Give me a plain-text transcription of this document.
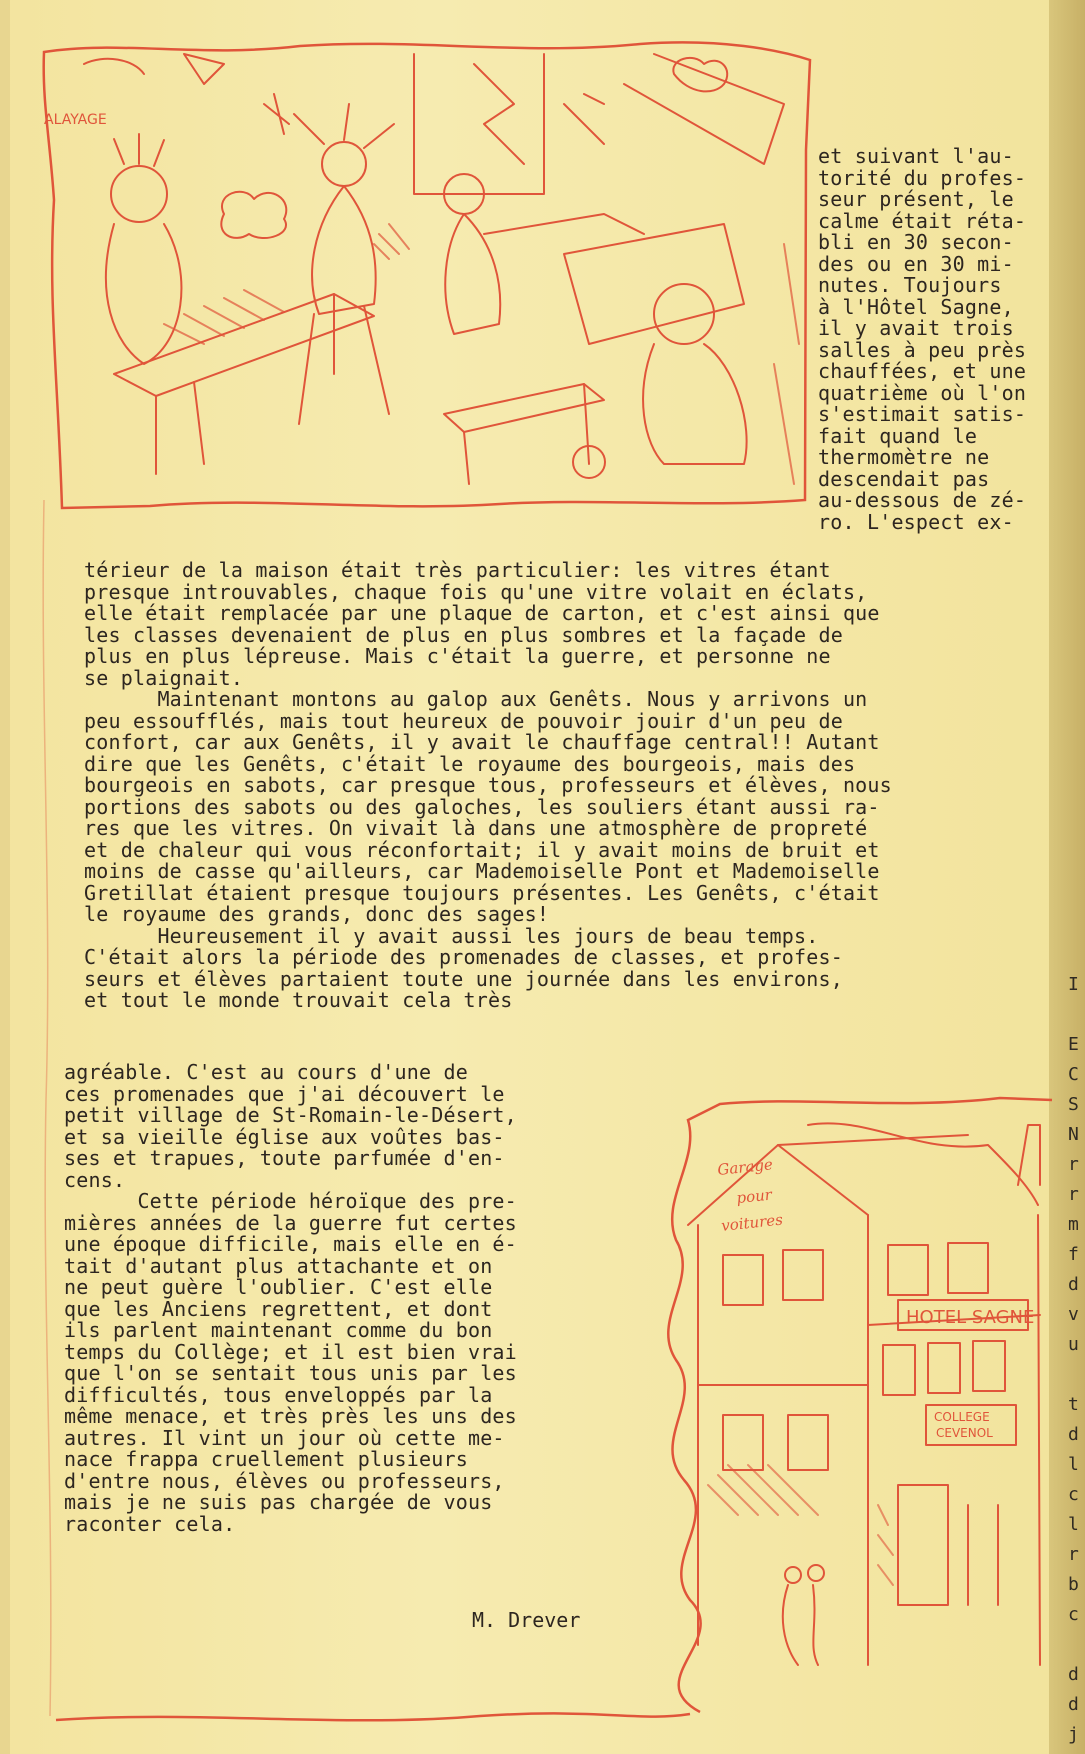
ALAYAGE
Garage pour voitures
HOTEL SAGNE
COLLEGE CEVENOL
et suivant l'au-
torité du profes-
seur présent, le
calme était réta-
bli en 30 secon-
des ou en 30 mi-
nutes. Toujours
à l'Hôtel Sagne,
il y avait trois
salles à peu près
chauffées, et une
quatrième où l'on
s'estimait satis-
fait quand le
thermomètre ne
descendait pas
au-dessous de zé-
ro. L'espect ex-
térieur de la maison était très particulier: les vitres étant
presque introuvables, chaque fois qu'une vitre volait en éclats,
elle était remplacée par une plaque de carton, et c'est ainsi que
les classes devenaient de plus en plus sombres et la façade de
plus en plus lépreuse. Mais c'était la guerre, et personne ne
se plaignait.
Maintenant montons au galop aux Genêts. Nous y arrivons un
peu essoufflés, mais tout heureux de pouvoir jouir d'un peu de
confort, car aux Genêts, il y avait le chauffage central!! Autant
dire que les Genêts, c'était le royaume des bourgeois, mais des
bourgeois en sabots, car presque tous, professeurs et élèves, nous
portions des sabots ou des galoches, les souliers étant aussi ra-
res que les vitres. On vivait là dans une atmosphère de propreté
et de chaleur qui vous réconfortait; il y avait moins de bruit et
moins de casse qu'ailleurs, car Mademoiselle Pont et Mademoiselle
Gretillat étaient presque toujours présentes. Les Genêts, c'était
le royaume des grands, donc des sages!
Heureusement il y avait aussi les jours de beau temps.
C'était alors la période des promenades de classes, et profes-
seurs et élèves partaient toute une journée dans les environs,
et tout le monde trouvait cela très
agréable. C'est au cours d'une de
ces promenades que j'ai découvert le
petit village de St-Romain-le-Désert,
et sa vieille église aux voûtes bas-
ses et trapues, toute parfumée d'en-
cens.
Cette période héroïque des pre-
mières années de la guerre fut certes
une époque difficile, mais elle en é-
tait d'autant plus attachante et on
ne peut guère l'oublier. C'est elle
que les Anciens regrettent, et dont
ils parlent maintenant comme du bon
temps du Collège; et il est bien vrai
que l'on se sentait tous unis par les
difficultés, tous enveloppés par la
même menace, et très près les uns des
autres. Il vint un jour où cette me-
nace frappa cruellement plusieurs
d'entre nous, élèves ou professeurs,
mais je ne suis pas chargée de vous
raconter cela.
M. Drever
I

E
C
S
N
r
r
m
f
d
v
u

t
d
l
c
l
r
b
c

d
d
j
